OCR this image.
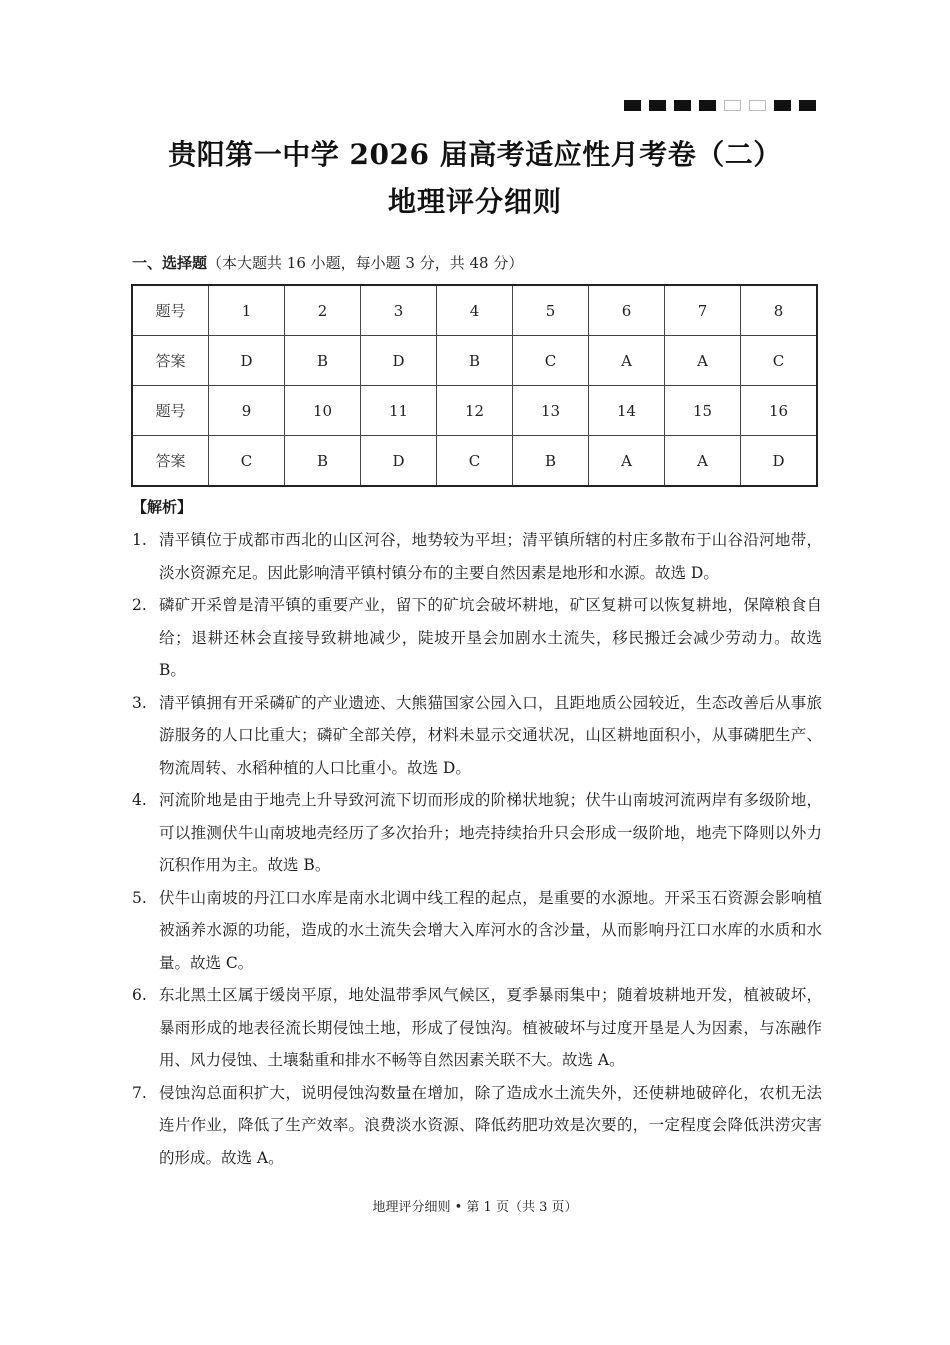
贵阳第一中学 2026 届高考适应性月考卷（二）
地理评分细则
一、选择题（本大题共 16 小题，每小题 3 分，共 48 分）
题号	1	2	3	4	5	6	7	8
答案	D	B	D	B	C	A	A	C
题号	9	10	11	12	13	14	15	16
答案	C	B	D	C	B	A	A	D
【解析】
1. 清平镇位于成都市西北的山区河谷，地势较为平坦；清平镇所辖的村庄多散布于山谷沿河地带，淡水资源充足。因此影响清平镇村镇分布的主要自然因素是地形和水源。故选 D。
2. 磷矿开采曾是清平镇的重要产业，留下的矿坑会破坏耕地，矿区复耕可以恢复耕地，保障粮食自给；退耕还林会直接导致耕地减少，陡坡开垦会加剧水土流失，移民搬迁会减少劳动力。故选 B。
3. 清平镇拥有开采磷矿的产业遗迹、大熊猫国家公园入口，且距地质公园较近，生态改善后从事旅游服务的人口比重大；磷矿全部关停，材料未显示交通状况，山区耕地面积小，从事磷肥生产、物流周转、水稻种植的人口比重小。故选 D。
4. 河流阶地是由于地壳上升导致河流下切而形成的阶梯状地貌；伏牛山南坡河流两岸有多级阶地，可以推测伏牛山南坡地壳经历了多次抬升；地壳持续抬升只会形成一级阶地，地壳下降则以外力沉积作用为主。故选 B。
5. 伏牛山南坡的丹江口水库是南水北调中线工程的起点，是重要的水源地。开采玉石资源会影响植被涵养水源的功能，造成的水土流失会增大入库河水的含沙量，从而影响丹江口水库的水质和水量。故选 C。
6. 东北黑土区属于缓岗平原，地处温带季风气候区，夏季暴雨集中；随着坡耕地开发，植被破坏，暴雨形成的地表径流长期侵蚀土地，形成了侵蚀沟。植被破坏与过度开垦是人为因素，与冻融作用、风力侵蚀、土壤黏重和排水不畅等自然因素关联不大。故选 A。
7. 侵蚀沟总面积扩大，说明侵蚀沟数量在增加，除了造成水土流失外，还使耕地破碎化，农机无法连片作业，降低了生产效率。浪费淡水资源、降低药肥功效是次要的，一定程度会降低洪涝灾害的形成。故选 A。
地理评分细则 • 第 1 页（共 3 页）
